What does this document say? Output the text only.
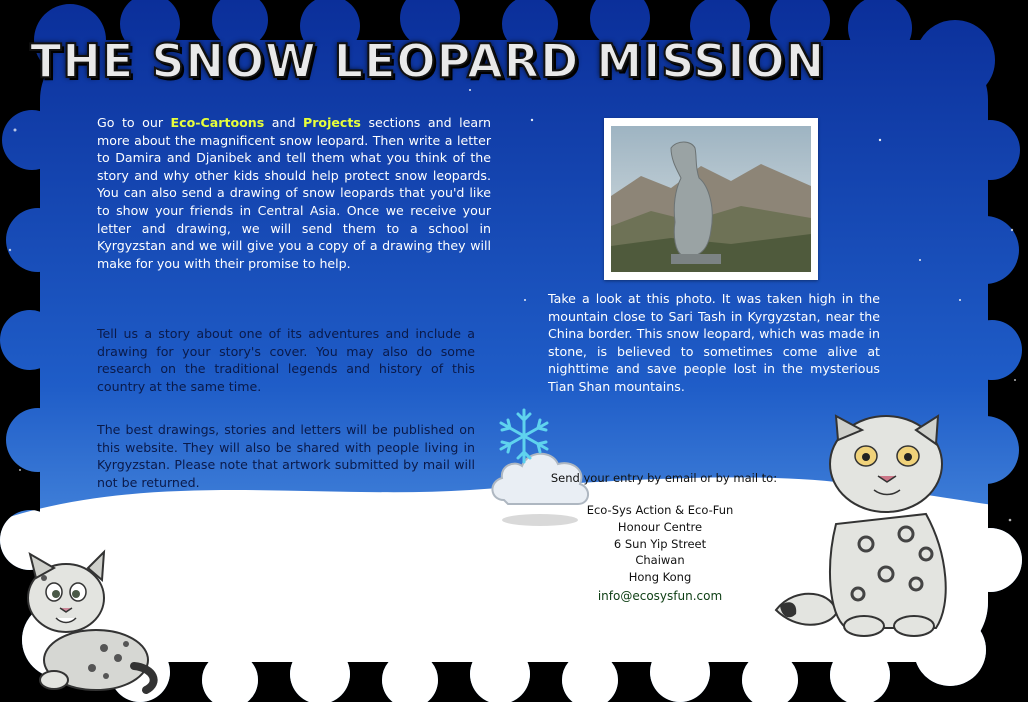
THE SNOW LEOPARD MISSION

Go to our Eco-Cartoons and Projects sections and learn more about the magnificent snow leopard. Then write a letter to Damira and Djanibek and tell them what you think of the story and why other kids should help protect snow leopards. You can also send a drawing of snow leopards that you'd like to show your friends in Central Asia. Once we receive your letter and drawing, we will send them to a school in Kyrgyzstan and we will give you a copy of a drawing they will make for you with their promise to help.

Tell us a story about one of its adventures and include a drawing for your story's cover. You may also do some research on the traditional legends and history of this country at the same time.

The best drawings, stories and letters will be published on this website. They will also be shared with people living in Kyrgyzstan. Please note that artwork submitted by mail will not be returned.

Take a look at this photo. It was taken high in the mountain close to Sari Tash in Kyrgyzstan, near the China border. This snow leopard, which was made in stone, is believed to sometimes come alive at nighttime and save people lost in the mysterious Tian Shan mountains.

Send your entry by email or by mail to:
Eco-Sys Action & Eco-Fun
Honour Centre
6 Sun Yip Street
Chaiwan
Hong Kong
info@ecosysfun.com
